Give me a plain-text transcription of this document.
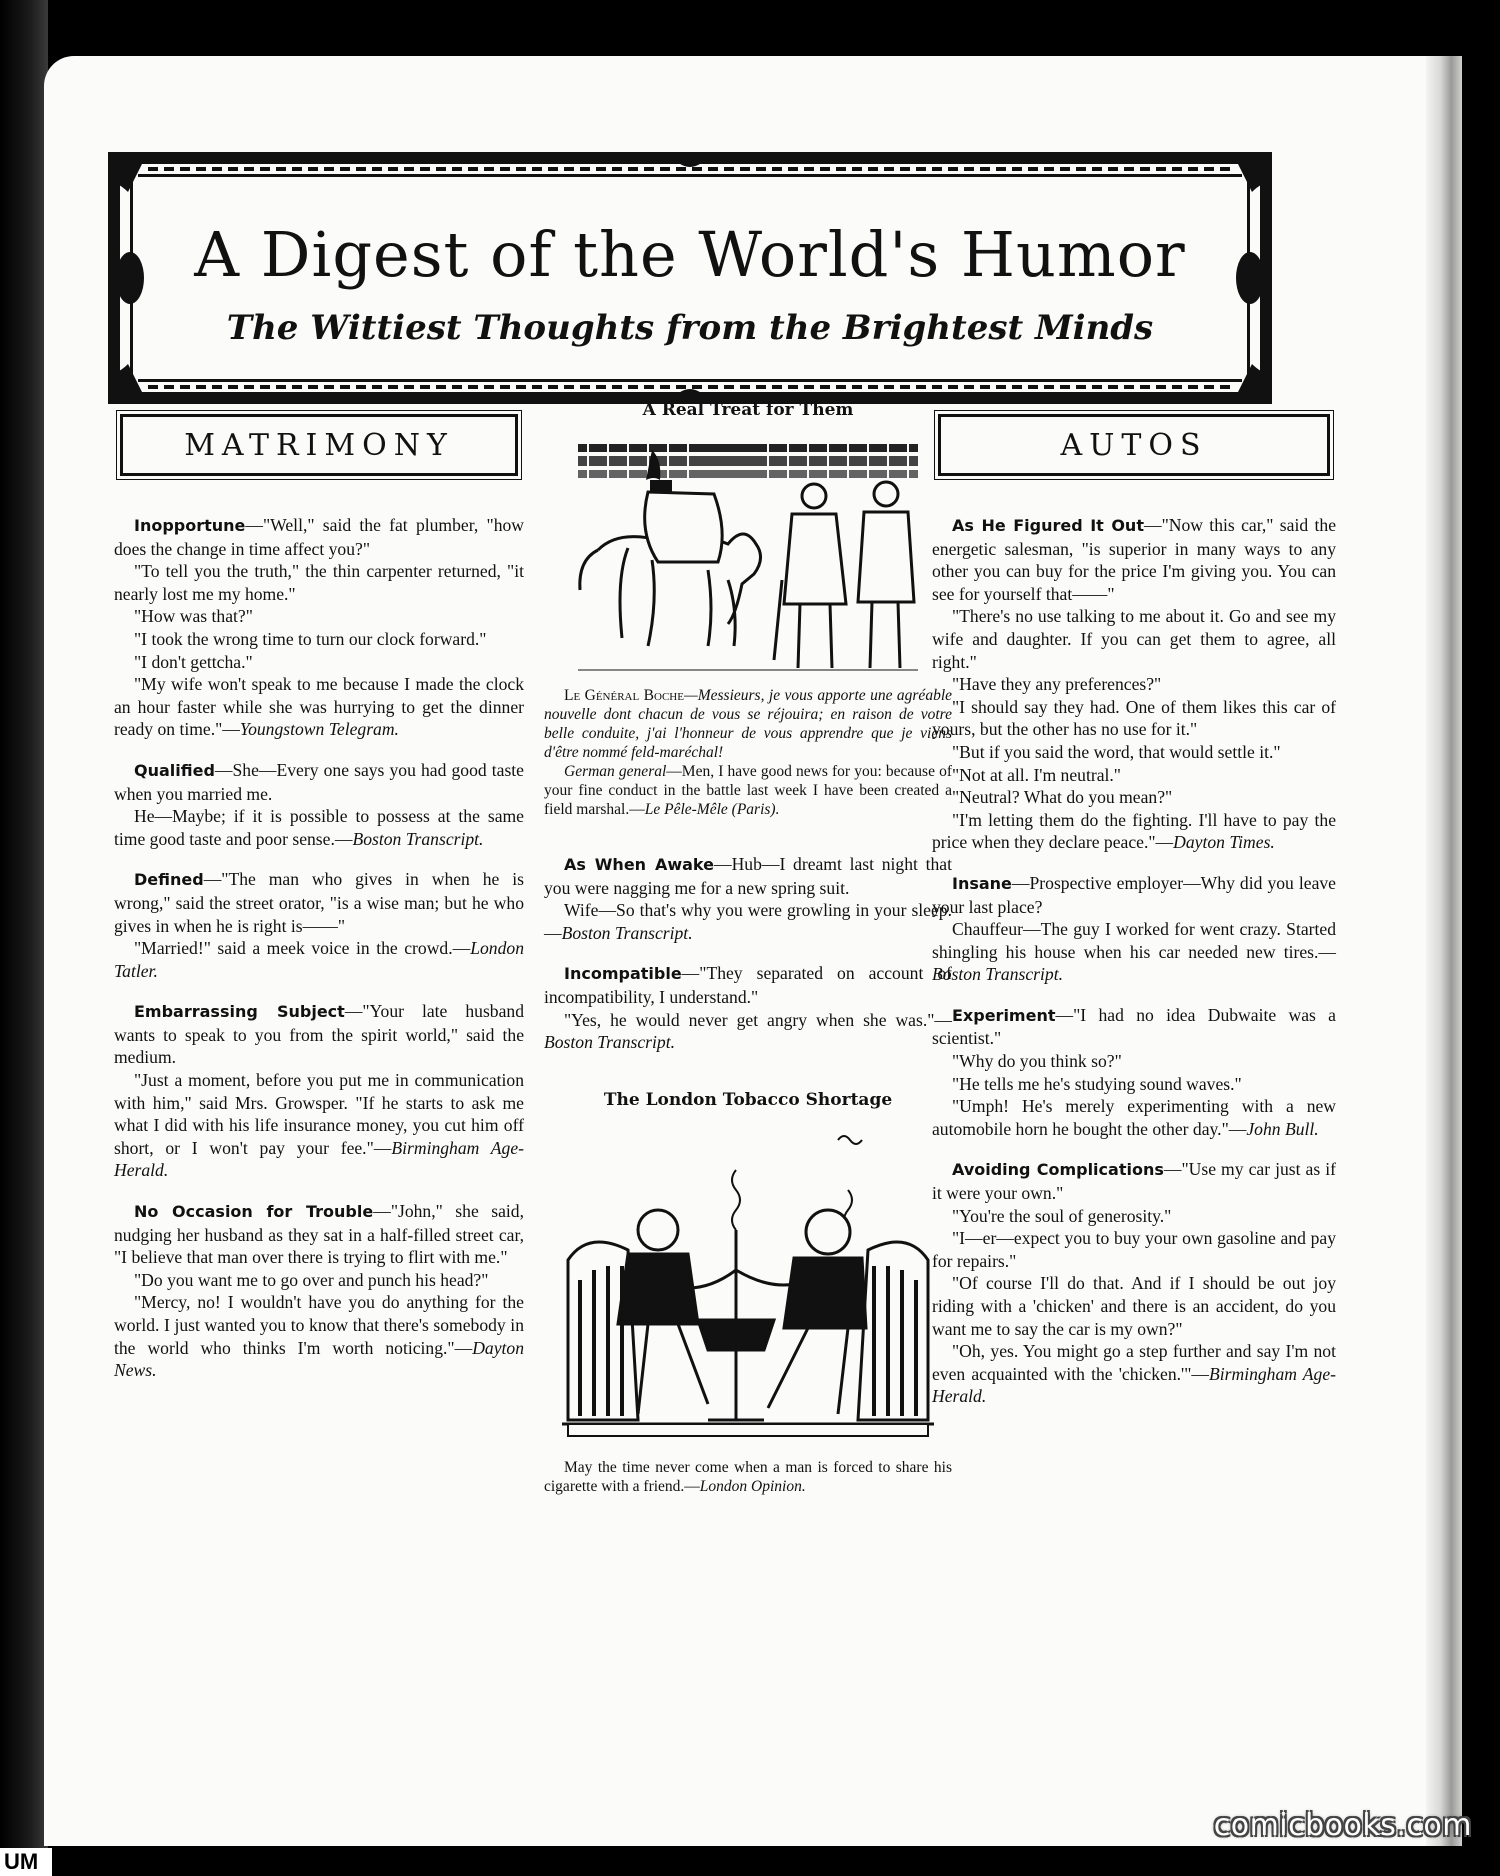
A Digest of the World's Humor
The Wittiest Thoughts from the Brightest Minds
MATRIMONY

Inopportune—"Well," said the fat plumber, "how does the change in time affect you?"

"To tell you the truth," the thin carpenter returned, "it nearly lost me my home."

"How was that?"

"I took the wrong time to turn our clock forward."

"I don't gettcha."

"My wife won't speak to me because I made the clock an hour faster while she was hurrying to get the dinner ready on time."—Youngstown Telegram.

Qualified—She—Every one says you had good taste when you married me.

He—Maybe; if it is possible to possess at the same time good taste and poor sense.—Boston Transcript.

Defined—"The man who gives in when he is wrong," said the street orator, "is a wise man; but he who gives in when he is right is——"

"Married!" said a meek voice in the crowd.—London Tatler.

Embarrassing Subject—"Your late husband wants to speak to you from the spirit world," said the medium.

"Just a moment, before you put me in communication with him," said Mrs. Growsper. "If he starts to ask me what I did with his life insurance money, you cut him off short, or I won't pay your fee."—Birmingham Age-Herald.

No Occasion for Trouble—"John," she said, nudging her husband as they sat in a half-filled street car, "I believe that man over there is trying to flirt with me."

"Do you want me to go over and punch his head?"

"Mercy, no! I wouldn't have you do anything for the world. I just wanted you to know that there's somebody in the world who thinks I'm worth noticing."—Dayton News.

A Real Treat for Them

Le Général Boche—Messieurs, je vous apporte une agréable nouvelle dont chacun de vous se réjouira; en raison de votre belle conduite, j'ai l'honneur de vous apprendre que je viens d'être nommé feld-maréchal!

German general—Men, I have good news for you: because of your fine conduct in the battle last week I have been created a field marshal.—Le Pêle-Mêle (Paris).

As When Awake—Hub—I dreamt last night that you were nagging me for a new spring suit.

Wife—So that's why you were growling in your sleep.—Boston Transcript.

Incompatible—"They separated on account of incompatibility, I understand."

"Yes, he would never get angry when she was."—Boston Transcript.

The London Tobacco Shortage

May the time never come when a man is forced to share his cigarette with a friend.—London Opinion.

AUTOS

As He Figured It Out—"Now this car," said the energetic salesman, "is superior in many ways to any other you can buy for the price I'm giving you. You can see for yourself that——"

"There's no use talking to me about it. Go and see my wife and daughter. If you can get them to agree, all right."

"Have they any preferences?"

"I should say they had. One of them likes this car of yours, but the other has no use for it."

"But if you said the word, that would settle it."

"Not at all. I'm neutral."

"Neutral? What do you mean?"

"I'm letting them do the fighting. I'll have to pay the price when they declare peace."—Dayton Times.

Insane—Prospective employer—Why did you leave your last place?

Chauffeur—The guy I worked for went crazy. Started shingling his house when his car needed new tires.—Boston Transcript.

Experiment—"I had no idea Dubwaite was a scientist."

"Why do you think so?"

"He tells me he's studying sound waves."

"Umph! He's merely experimenting with a new automobile horn he bought the other day."—John Bull.

Avoiding Complications—"Use my car just as if it were your own."

"You're the soul of generosity."

"I—er—expect you to buy your own gasoline and pay for repairs."

"Of course I'll do that. And if I should be out joy riding with a 'chicken' and there is an accident, do you want me to say the car is my own?"

"Oh, yes. You might go a step further and say I'm not even acquainted with the 'chicken.'"—Birmingham Age-Herald.

UM
comicbooks.com
